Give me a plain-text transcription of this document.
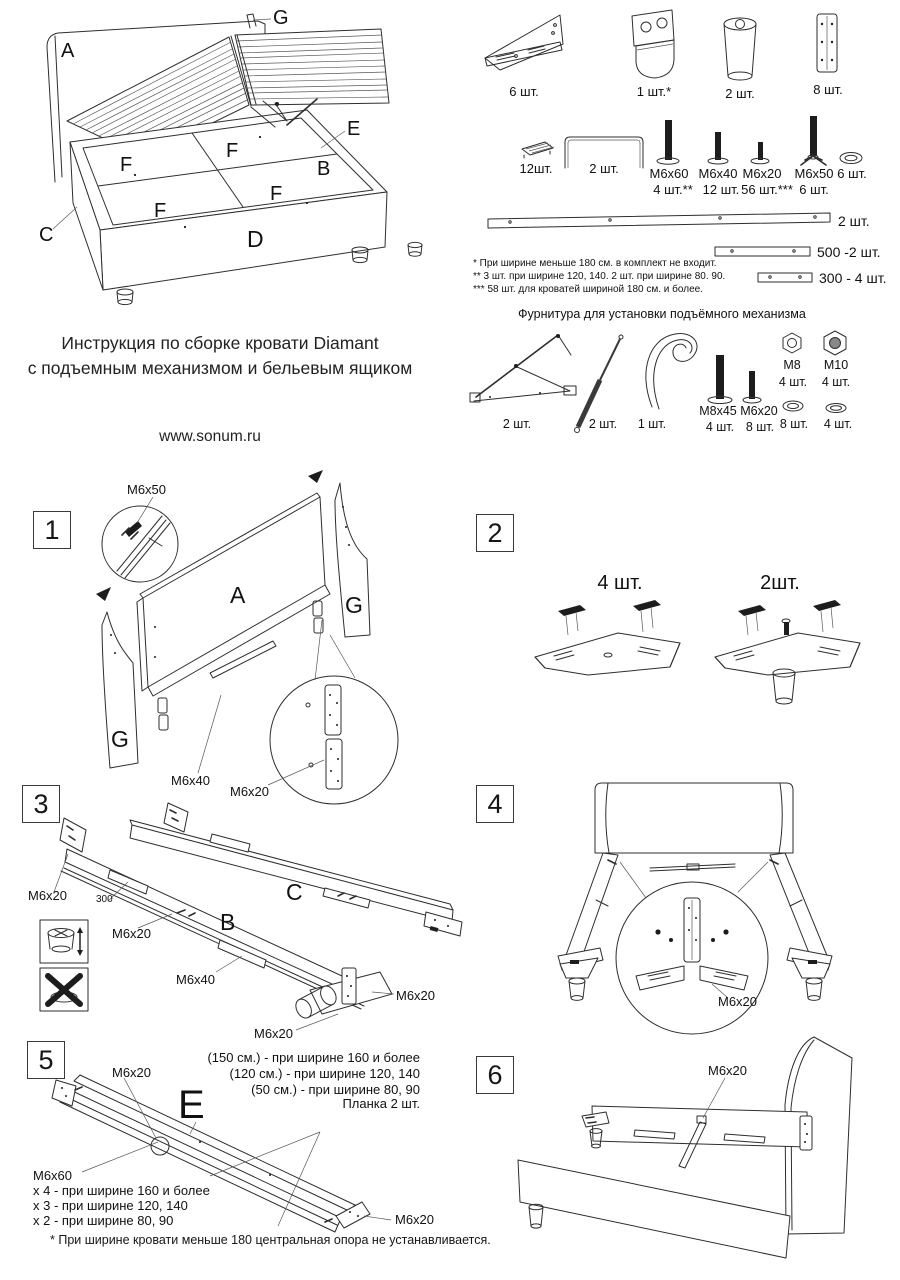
A
G
E
B
C	D
F
F
F
F
6 шт.	1 шт.*	2 шт.	8 шт.
12шт.	2 шт. M6x60
4 шт.**
M6x40
12 шт.
M6x20
56 шт.***
M6x50
6 шт.
6 шт.
2 шт.
500 -2 шт.
300 - 4 шт.
* При ширине меньше 180 см. в комплект не входит.
** 3 шт. при ширине 120, 140. 2 шт. при ширине 80. 90.
*** 58 шт. для кроватей шириной 180 см. и более.
Фурнитура для установки подъёмного механизма
2 шт.	2 шт. 1 шт.
M8x45
4 шт.
M6x20
8 шт.
M8 M10
4 шт. 4 шт.
8 шт. 4 шт.
Инструкция по сборке кровати Diamant
с подъемным механизмом и бельевым ящиком
www.sonum.ru
M6x50
A	G
G
M6x40
M6x20
4 шт.	2шт.
M6x20	300
M6x20	B
C
M6x40
M6x20
M6x20
M6x20
M6x20
E
(150 см.) - при ширине 160 и более
(120 см.) - при ширине 120, 140
(50 см.) - при ширине 80, 90
Планка 2 шт.
M6x60
x 4 - при ширине 160 и более
x 3 - при ширине 120, 140
x 2 - при ширине 80, 90	M6x20
M6x20
1	2
3	4
5	6
* При ширине кровати меньше 180 центральная опора не устанавливается.
